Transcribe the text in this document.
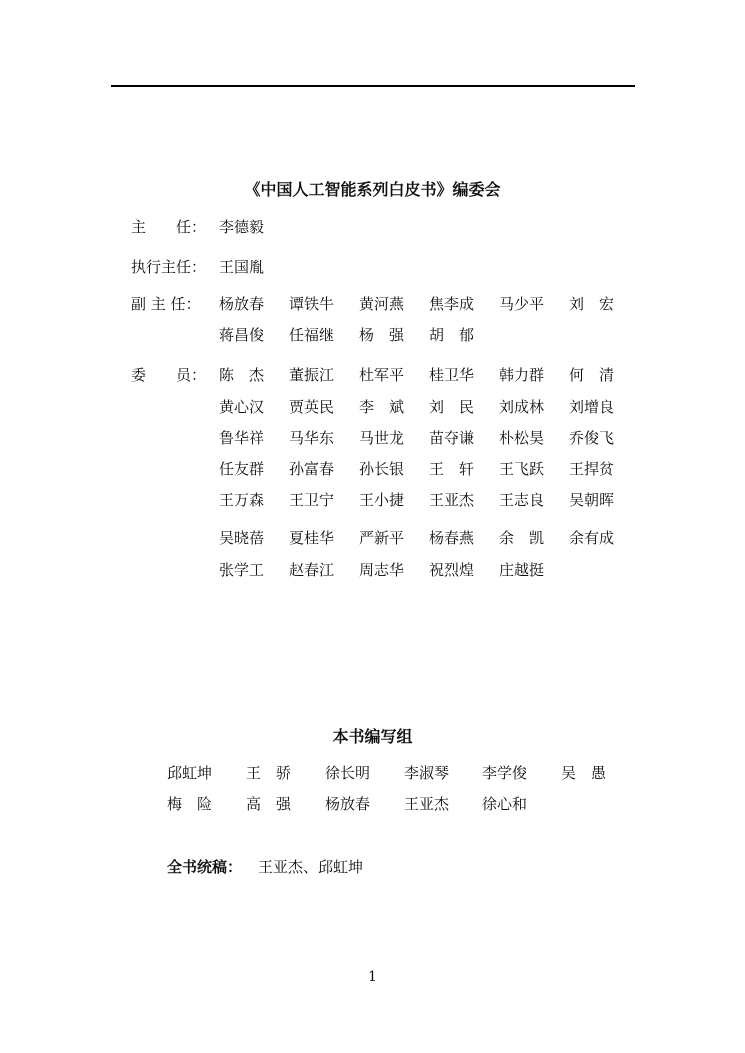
《中国人工智能系列白皮书》编委会
主　　任： 李德毅
执行主任： 王国胤
副 主 任： 杨放春 谭铁牛 黄河燕 焦李成 马少平 刘　宏
蒋昌俊 任福继 杨　强 胡　郁
委　　员： 陈　杰 董振江 杜军平 桂卫华 韩力群 何　清
黄心汉 贾英民 李　斌 刘　民 刘成林 刘增良
鲁华祥 马华东 马世龙 苗夺谦 朴松昊 乔俊飞
任友群 孙富春 孙长银 王　轩 王飞跃 王捍贫
王万森 王卫宁 王小捷 王亚杰 王志良 吴朝晖
吴晓蓓 夏桂华 严新平 杨春燕 余　凯 余有成
张学工 赵春江 周志华 祝烈煌 庄越挺
本书编写组
邱虹坤 王　骄 徐长明 李淑琴 李学俊 吴　愚
梅　险 高　强 杨放春 王亚杰 徐心和
全书统稿： 王亚杰、邱虹坤
1
